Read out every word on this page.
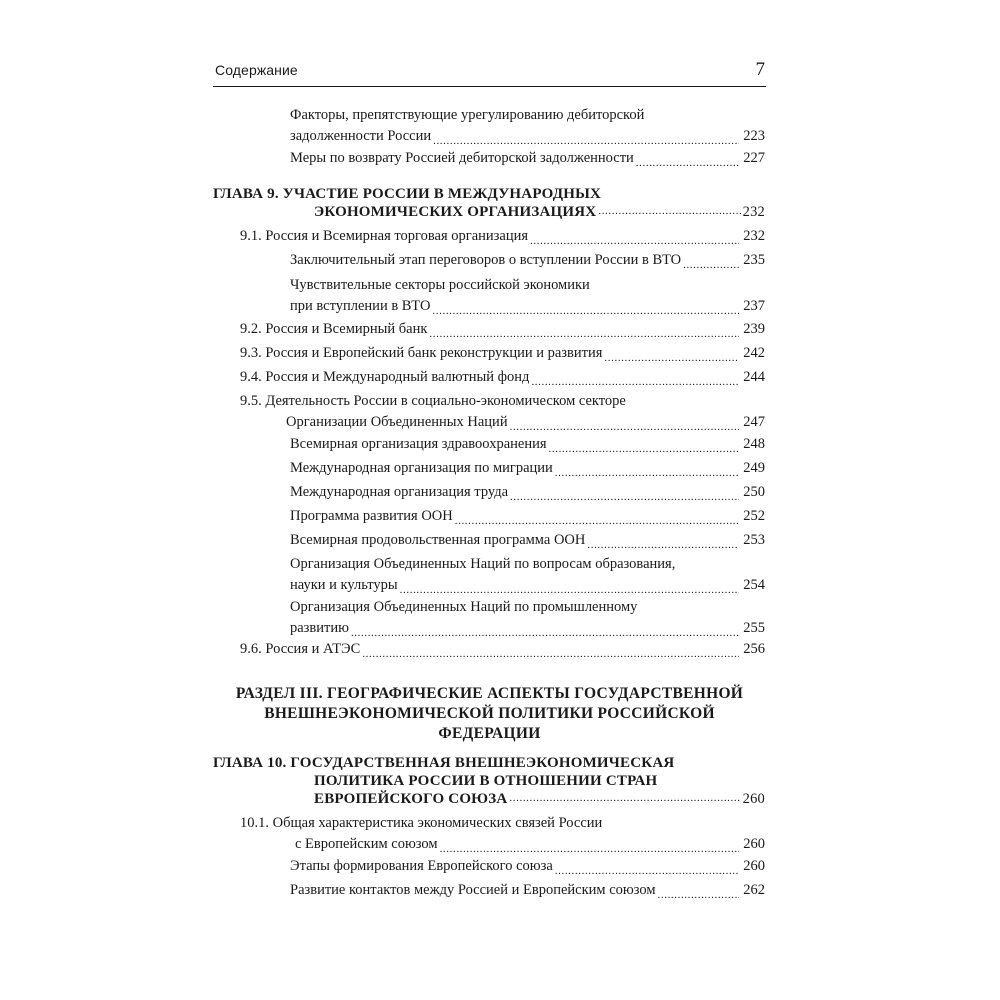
Содержание	7
Факторы, препятствующие урегулированию дебиторской
задолженности России .....	223
Меры по возврату Россией дебиторской задолженности .....	227
ГЛАВА 9. УЧАСТИЕ РОССИИ В МЕЖДУНАРОДНЫХ
ЭКОНОМИЧЕСКИХ ОРГАНИЗАЦИЯХ .....	232
9.1. Россия и Всемирная торговая организация .....	232
Заключительный этап переговоров о вступлении России в ВТО .....	235
Чувствительные секторы российской экономики
при вступлении в ВТО .....	237
9.2. Россия и Всемирный банк .....	239
9.3. Россия и Европейский банк реконструкции и развития .....	242
9.4. Россия и Международный валютный фонд .....	244
9.5. Деятельность России в социально-экономическом секторе
Организации Объединенных Наций .....	247
Всемирная организация здравоохранения .....	248
Международная организация по миграции .....	249
Международная организация труда .....	250
Программа развития ООН .....	252
Всемирная продовольственная программа ООН .....	253
Организация Объединенных Наций по вопросам образования,
науки и культуры .....	254
Организация Объединенных Наций по промышленному
развитию .....	255
9.6. Россия и АТЭС .....	256
РАЗДЕЛ III. ГЕОГРАФИЧЕСКИЕ АСПЕКТЫ ГОСУДАРСТВЕННОЙ
ВНЕШНЕЭКОНОМИЧЕСКОЙ ПОЛИТИКИ РОССИЙСКОЙ ФЕДЕРАЦИИ
ГЛАВА 10. ГОСУДАРСТВЕННАЯ ВНЕШНЕЭКОНОМИЧЕСКАЯ
ПОЛИТИКА РОССИИ В ОТНОШЕНИИ СТРАН
ЕВРОПЕЙСКОГО СОЮЗА .....	260
10.1. Общая характеристика экономических связей России
с Европейским союзом .....	260
Этапы формирования Европейского союза .....	260
Развитие контактов между Россией и Европейским союзом .....	262
